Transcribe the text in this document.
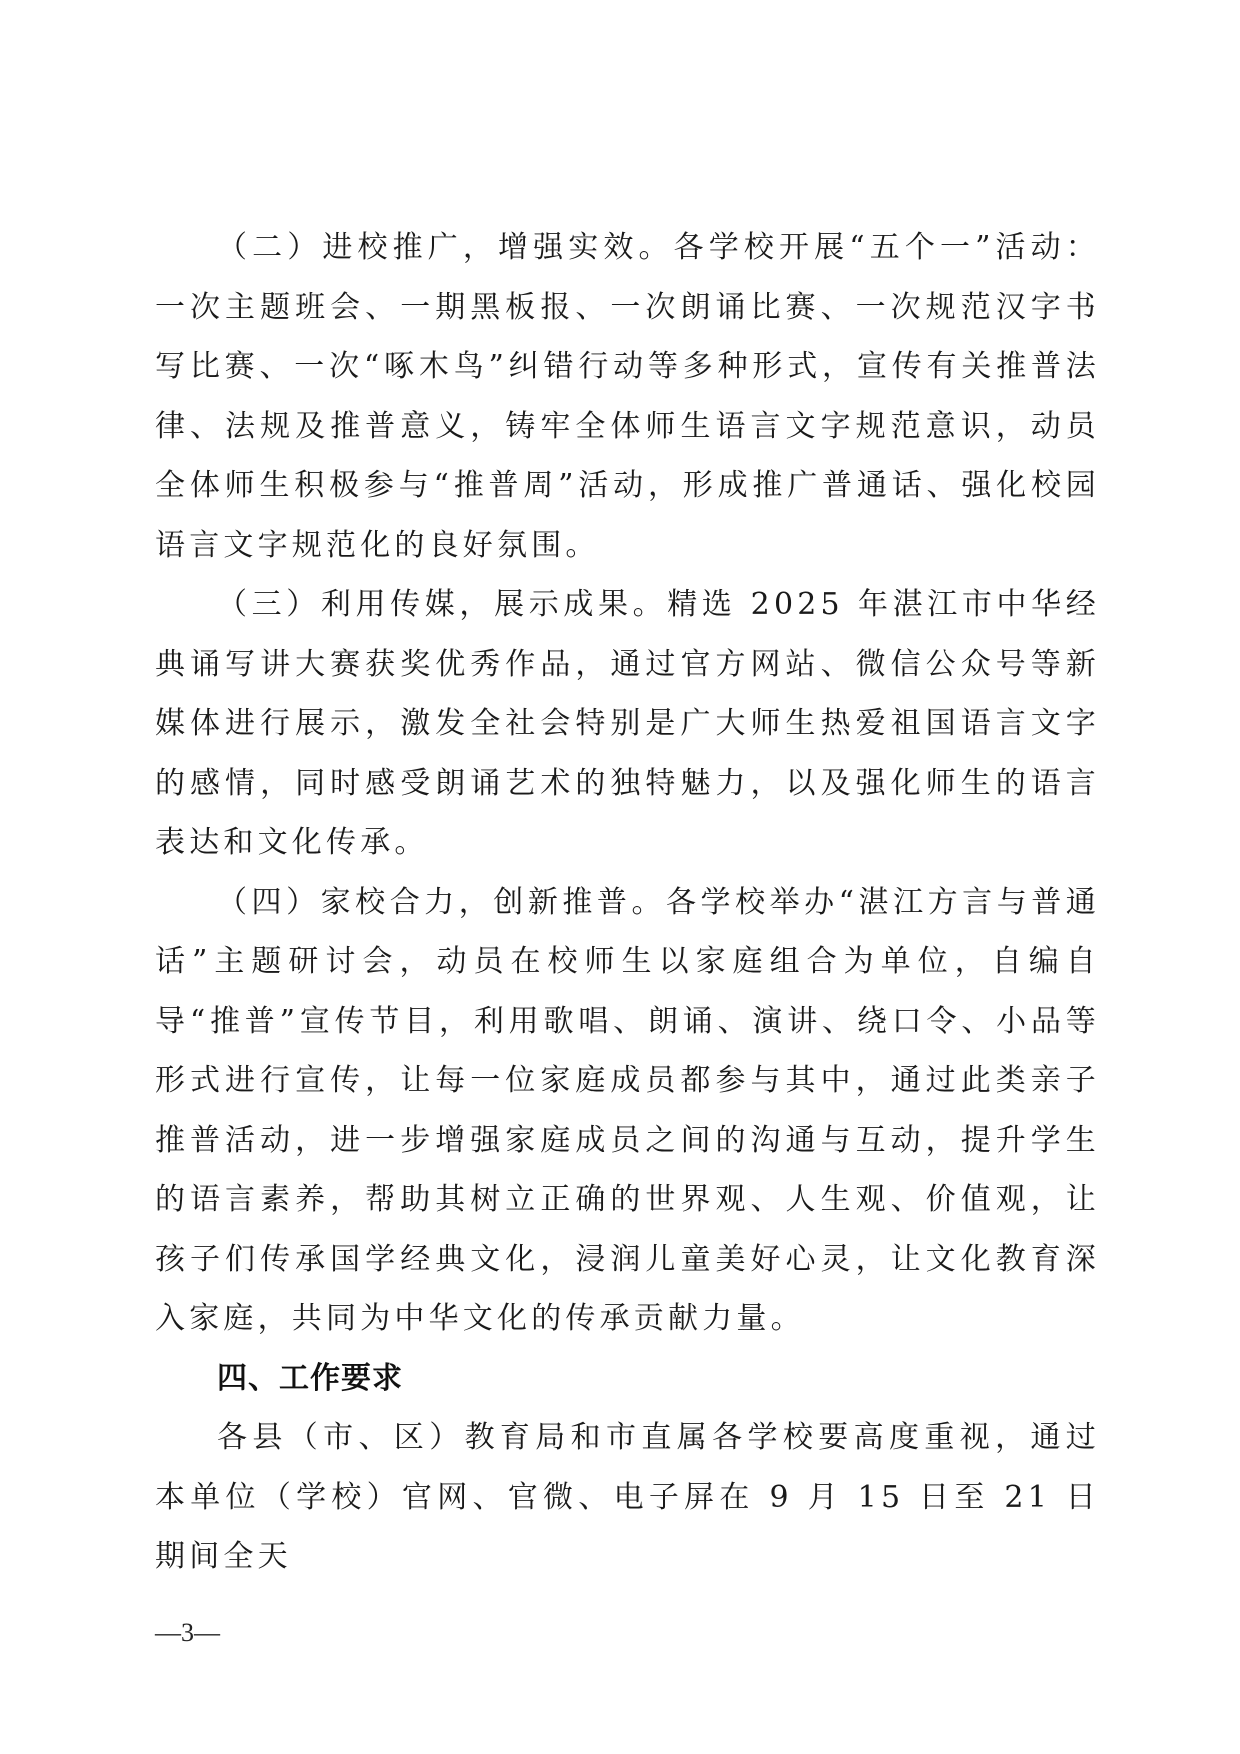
（二）进校推广，增强实效。各学校开展“五个一”活动：一次主题班会、一期黑板报、一次朗诵比赛、一次规范汉字书写比赛、一次“啄木鸟”纠错行动等多种形式，宣传有关推普法律、法规及推普意义，铸牢全体师生语言文字规范意识，动员全体师生积极参与“推普周”活动，形成推广普通话、强化校园语言文字规范化的良好氛围。

（三）利用传媒，展示成果。精选 2025 年湛江市中华经典诵写讲大赛获奖优秀作品，通过官方网站、微信公众号等新媒体进行展示，激发全社会特别是广大师生热爱祖国语言文字的感情，同时感受朗诵艺术的独特魅力，以及强化师生的语言表达和文化传承。

（四）家校合力，创新推普。各学校举办“湛江方言与普通话”主题研讨会，动员在校师生以家庭组合为单位，自编自导“推普”宣传节目，利用歌唱、朗诵、演讲、绕口令、小品等形式进行宣传，让每一位家庭成员都参与其中，通过此类亲子推普活动，进一步增强家庭成员之间的沟通与互动，提升学生的语言素养，帮助其树立正确的世界观、人生观、价值观，让孩子们传承国学经典文化，浸润儿童美好心灵，让文化教育深入家庭，共同为中华文化的传承贡献力量。

四、工作要求

各县（市、区）教育局和市直属各学校要高度重视，通过本单位（学校）官网、官微、电子屏在 9 月 15 日至 21 日期间全天

—3—
